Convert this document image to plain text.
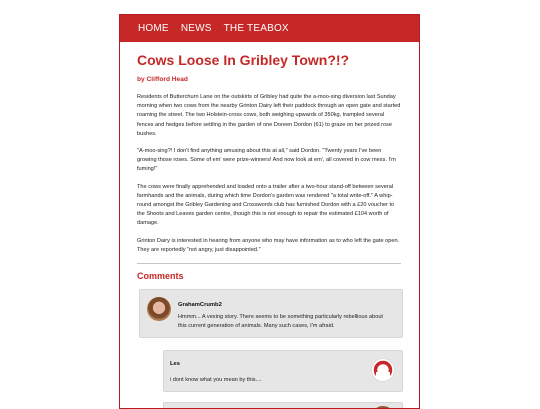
HOME NEWS THE TEABOX
Cows Loose In Gribley Town?!?
by Clifford Head

Residents of Butterchurn Lane on the outskirts of Gribley had quite the a-moo-sing diversion last Sunday morning when two cows from the nearby Grinton Dairy left their paddock through an open gate and started roaming the street. The two Holstein-cross cows, both weighing upwards of 350kg, trampled several fences and hedges before settling in the garden of one Doreen Dordon (61) to graze on her prized rose bushes.

"A-moo-sing?! I don't find anything amusing about this at all," said Dordon. "Twenty years I've been growing those roses. Some of em' were prize-winners! And now look at em', all covered in cow mess. I'm fuming!"

The cows were finally apprehended and loaded onto a trailer after a two-hour stand-off between several farmhands and the animals, during which time Dordon's garden was rendered "a total write-off." A whip-round amongst the Gribley Gardening and Crosswords club has furnished Dordon with a £20 voucher to the Shoots and Leaves garden centre, though this is not enough to repair the estimated £104 worth of damage.

Grinton Dairy is interested in hearing from anyone who may have information as to who left the gate open. They are reportedly "not angry, just disappointed."

Comments
GrahamCrumb2
Hmmm... A vexing story. There seems to be something particularly rebellious about this current generation of animals. Many such cases, I'm afraid.
Les
i dont know what you mean by this....
